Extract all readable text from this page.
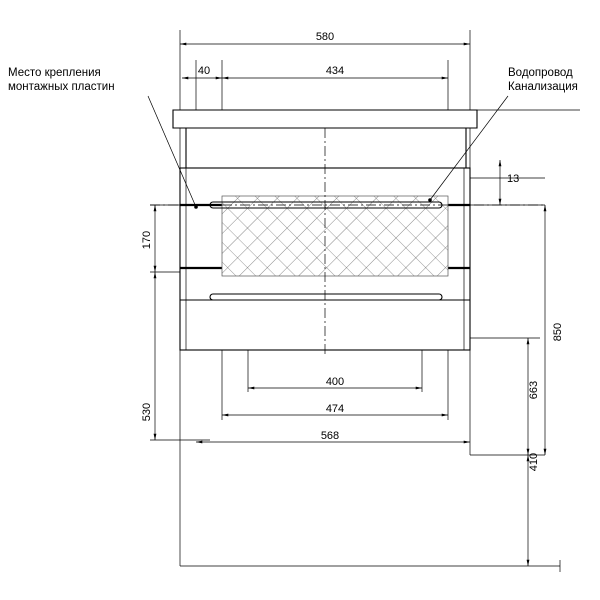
580
40	434
13
170
530
850
663
410
400
474
568
Место крепления
монтажных пластин
Водопровод
Канализация
